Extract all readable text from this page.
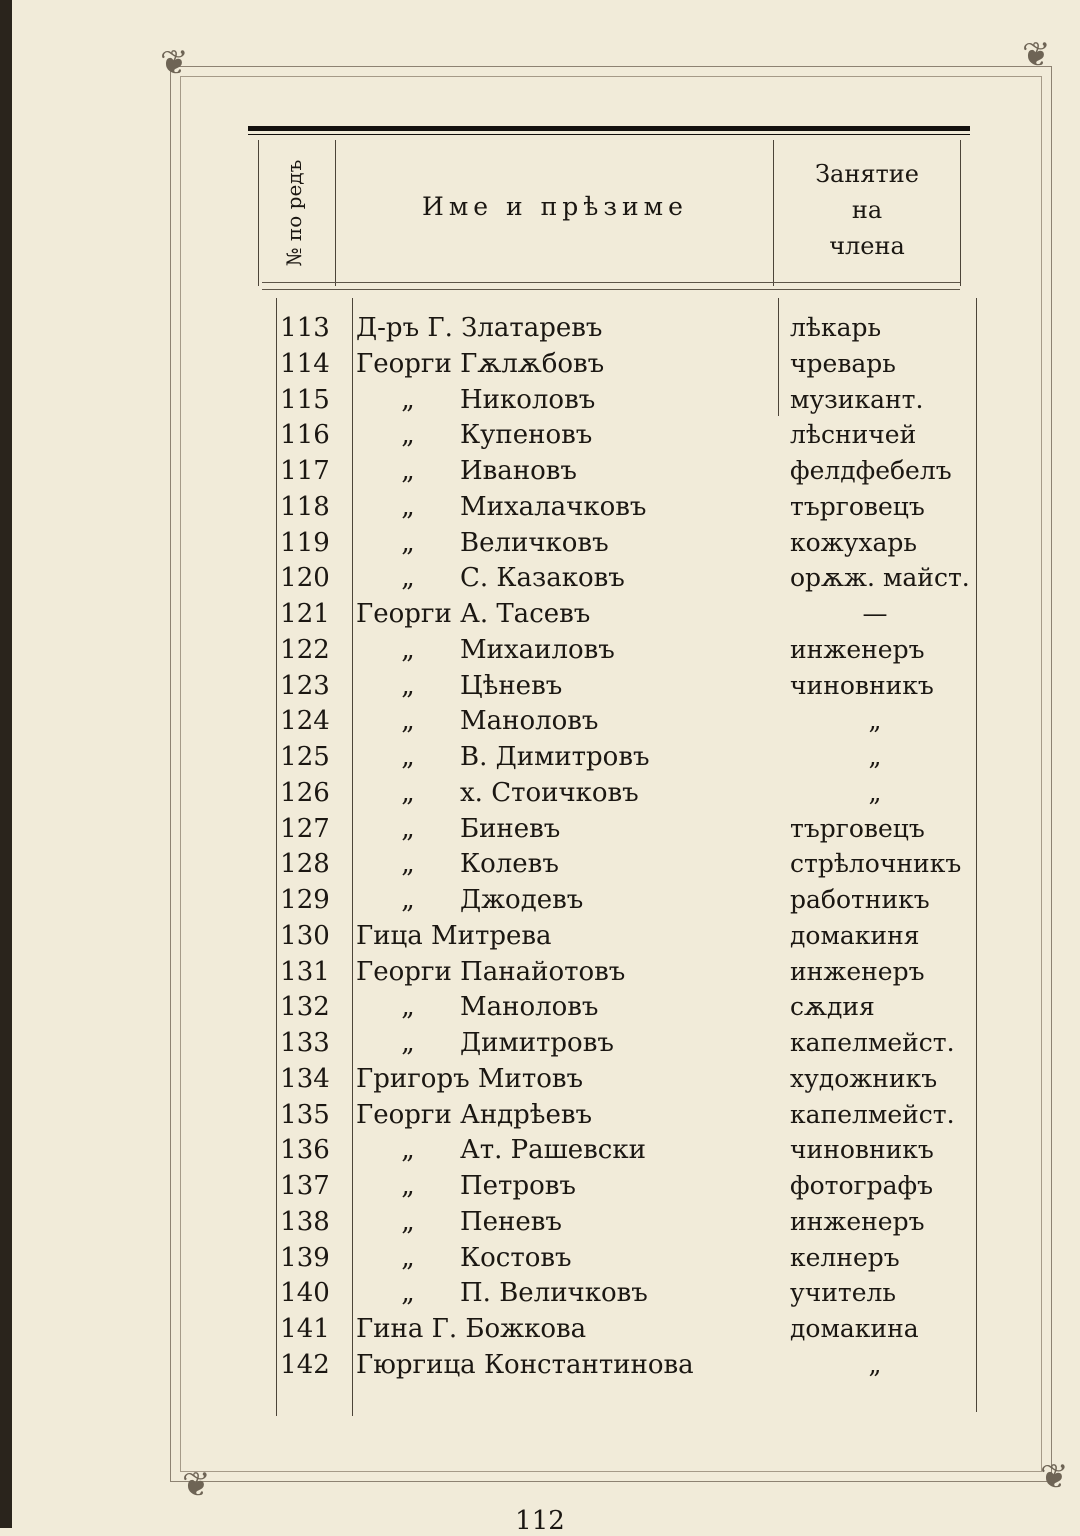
❦	❦
❦	❦
№ по редъ	Име и прѣзиме
Занятие
на
члена
113	Д-ръ Г. Златаревъ	лѣкарь
114	Георги Гѫлѫбовъ	чреварь
115	„ Николовъ	музикант.
116	„ Купеновъ	лѣсничей
117	„ Ивановъ	фелдфебелъ
118	„ Михалачковъ	търговецъ
119	„ Величковъ	кожухарь
120	„ С. Казаковъ	орѫж. майст.
121	Георги А. Тасевъ	—
122	„ Михаиловъ	инженеръ
123	„ Цѣневъ	чиновникъ
124	„ Маноловъ	„
125	„ В. Димитровъ	„
126	„ х. Стоичковъ	„
127	„ Биневъ	търговецъ
128	„ Колевъ	стрѣлочникъ
129	„ Джодевъ	работникъ
130	Гица Митрева	домакиня
131	Георги Панайотовъ	инженеръ
132	„ Маноловъ	сѫдия
133	„ Димитровъ	капелмейст.
134	Григоръ Митовъ	художникъ
135	Георги Андрѣевъ	капелмейст.
136	„ Ат. Рашевски	чиновникъ
137	„ Петровъ	фотографъ
138	„ Пеневъ	инженеръ
139	„ Костовъ	келнеръ
140	„ П. Величковъ	учитель
141	Гина Г. Божкова	домакина
142	Гюргица Константинова	„
112
